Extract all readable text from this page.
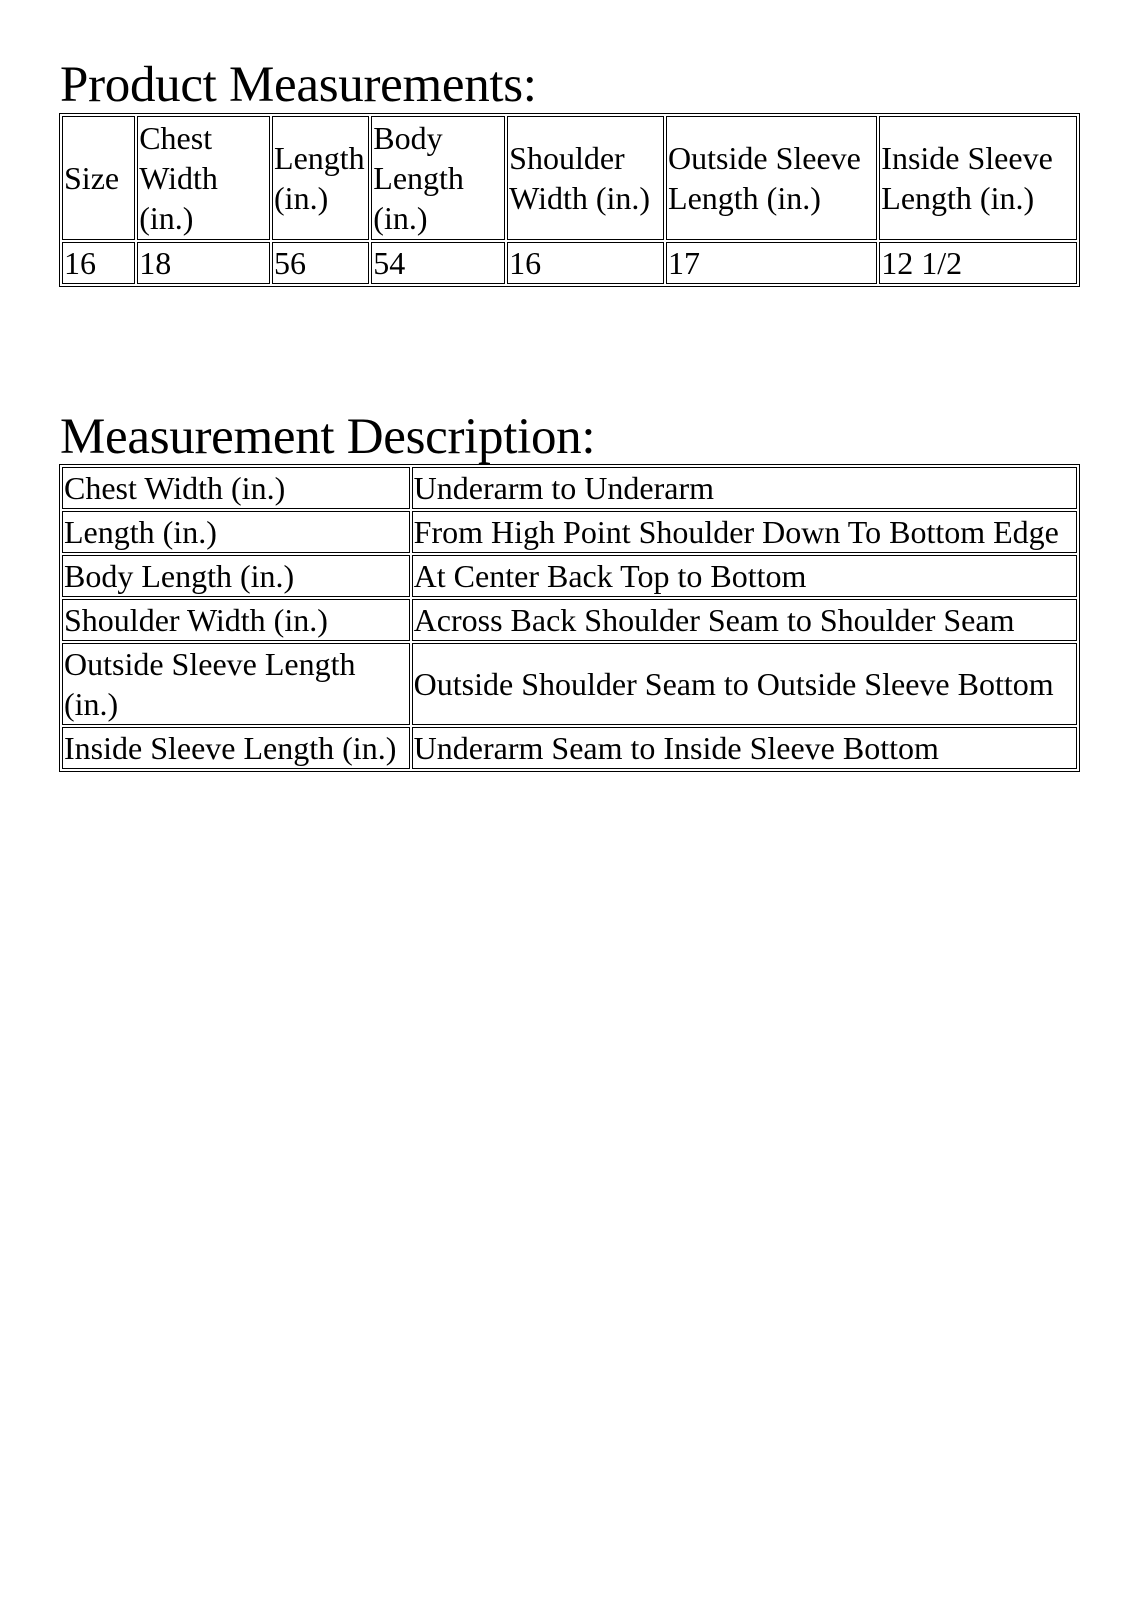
Product Measurements:
Size	Chest Width (in.)	Length (in.)	Body Length (in.)	Shoulder Width (in.)	Outside Sleeve Length (in.)	Inside Sleeve Length (in.)
16	18	56	54	16	17	12 1/2
Measurement Description:
Chest Width (in.)	Underarm to Underarm
Length (in.)	From High Point Shoulder Down To Bottom Edge
Body Length (in.)	At Center Back Top to Bottom
Shoulder Width (in.)	Across Back Shoulder Seam to Shoulder Seam
Outside Sleeve Length (in.)	Outside Shoulder Seam to Outside Sleeve Bottom
Inside Sleeve Length (in.)	Underarm Seam to Inside Sleeve Bottom
